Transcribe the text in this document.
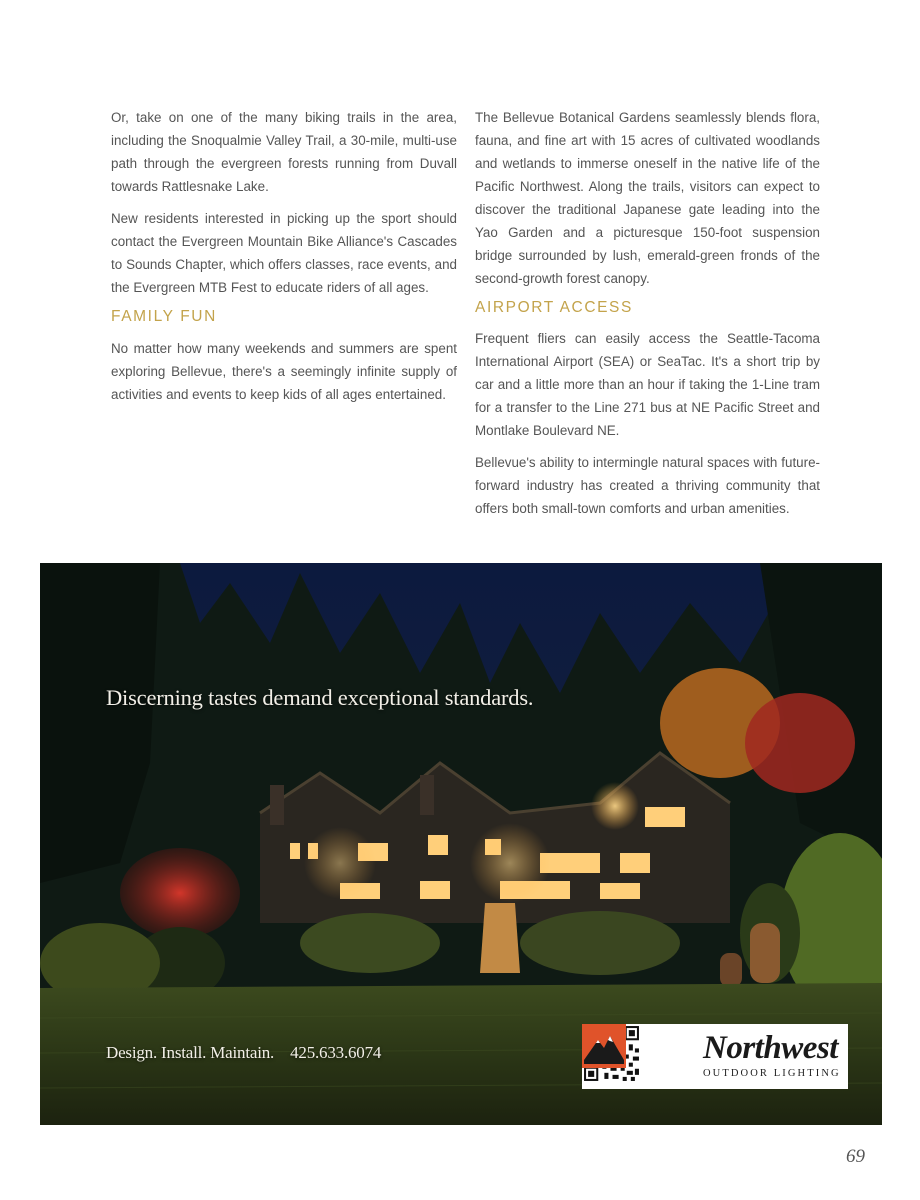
Or, take on one of the many biking trails in the area, including the Snoqualmie Valley Trail, a 30-mile, multi-use path through the evergreen forests running from Duvall towards Rattlesnake Lake.

New residents interested in picking up the sport should contact the Evergreen Mountain Bike Alliance's Cascades to Sounds Chapter, which offers classes, race events, and the Evergreen MTB Fest to educate riders of all ages.

FAMILY FUN

No matter how many weekends and summers are spent exploring Bellevue, there's a seemingly infinite supply of activities and events to keep kids of all ages entertained.

The Bellevue Botanical Gardens seamlessly blends flora, fauna, and fine art with 15 acres of cultivated woodlands and wetlands to immerse oneself in the native life of the Pacific Northwest. Along the trails, visitors can expect to discover the traditional Japanese gate leading into the Yao Garden and a picturesque 150-foot suspension bridge surrounded by lush, emerald-green fronds of the second-growth forest canopy.

AIRPORT ACCESS

Frequent fliers can easily access the Seattle-Tacoma International Airport (SEA) or SeaTac. It's a short trip by car and a little more than an hour if taking the 1-Line tram for a transfer to the Line 271 bus at NE Pacific Street and Montlake Boulevard NE.

Bellevue's ability to intermingle natural spaces with future-forward industry has created a thriving community that offers both small-town comforts and urban amenities.

Discerning tastes demand exceptional standards.
Design. Install. Maintain. 425.633.6074	Northwest
OUTDOOR LIGHTING
69
